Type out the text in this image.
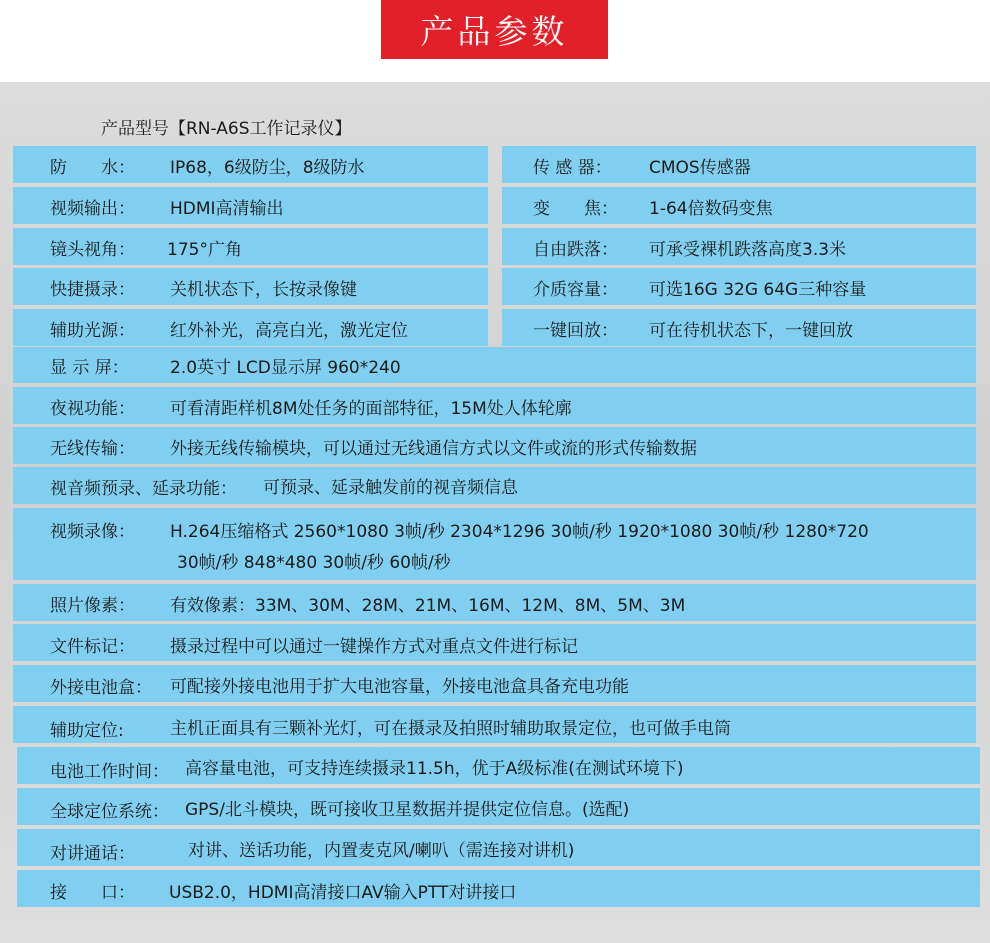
产品参数
产品型号【RN-A6S工作记录仪】
防　　水： IP68，6级防尘，8级防水
视频输出： HDMI高清输出
镜头视角： 175°广角
快捷摄录： 关机状态下，长按录像键
辅助光源： 红外补光，高亮白光，激光定位
传 感 器： CMOS传感器
变　　焦： 1-64倍数码变焦
自由跌落： 可承受裸机跌落高度3.3米
介质容量： 可选16G 32G 64G三种容量
一键回放： 可在待机状态下，一键回放
显 示 屏： 2.0英寸 LCD显示屏 960*240
夜视功能： 可看清距样机8M处任务的面部特征，15M处人体轮廓
无线传输： 外接无线传输模块，可以通过无线通信方式以文件或流的形式传输数据
视音频预录、延录功能： 可预录、延录触发前的视音频信息
视频录像： H.264压缩格式 2560*1080 3帧/秒 2304*1296 30帧/秒 1920*1080 30帧/秒 1280*720
30帧/秒 848*480 30帧/秒 60帧/秒
照片像素： 有效像素：33M、30M、28M、21M、16M、12M、8M、5M、3M
文件标记： 摄录过程中可以通过一键操作方式对重点文件进行标记
外接电池盒： 可配接外接电池用于扩大电池容量，外接电池盒具备充电功能
辅助定位:	主机正面具有三颗补光灯，可在摄录及拍照时辅助取景定位，也可做手电筒
电池工作时间： 高容量电池，可支持连续摄录11.5h，优于A级标准(在测试环境下)
全球定位系统： GPS/北斗模块，既可接收卫星数据并提供定位信息。(选配)
对讲通话：	对讲、送话功能，内置麦克风/喇叭（需连接对讲机)
接　　口： USB2.0，HDMI高清接口AV输入PTT对讲接口
